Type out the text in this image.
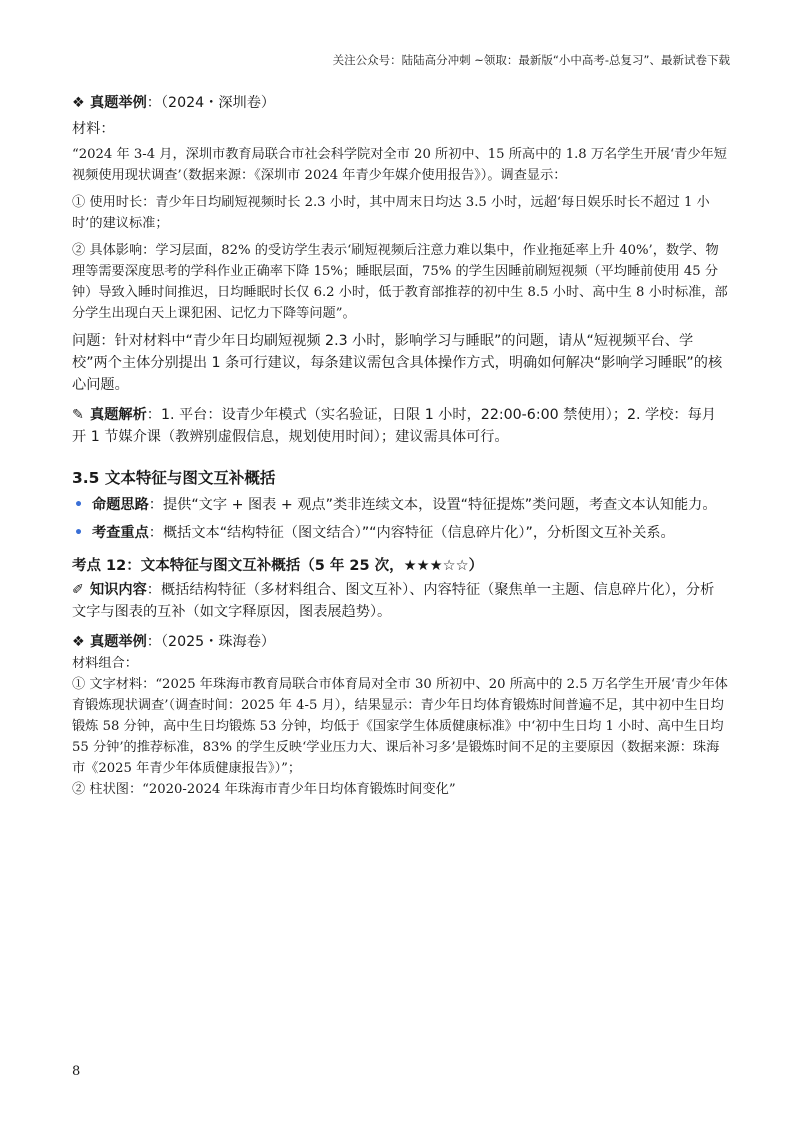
关注公众号：陆陆高分冲刺 ~领取：最新版“小中高考-总复习”、最新试卷下载

❖ 真题举例：（2024・深圳卷）

材料：

“2024 年 3-4 月，深圳市教育局联合市社会科学院对全市 20 所初中、15 所高中的 1.8 万名学生开展‘青少年短视频使用现状调查’（数据来源：《深圳市 2024 年青少年媒介使用报告》）。调查显示：

① 使用时长：青少年日均刷短视频时长 2.3 小时，其中周末日均达 3.5 小时，远超‘每日娱乐时长不超过 1 小时’的建议标准；

② 具体影响：学习层面，82% 的受访学生表示‘刷短视频后注意力难以集中，作业拖延率上升 40%’，数学、物理等需要深度思考的学科作业正确率下降 15%；睡眠层面，75% 的学生因睡前刷短视频（平均睡前使用 45 分钟）导致入睡时间推迟，日均睡眠时长仅 6.2 小时，低于教育部推荐的初中生 8.5 小时、高中生 8 小时标准，部分学生出现白天上课犯困、记忆力下降等问题”。

问题：针对材料中“青少年日均刷短视频 2.3 小时，影响学习与睡眠”的问题，请从“短视频平台、学校”两个主体分别提出 1 条可行建议，每条建议需包含具体操作方式，明确如何解决“影响学习睡眠”的核心问题。

✎ 真题解析：1. 平台：设青少年模式（实名验证，日限 1 小时，22:00-6:00 禁使用）；2. 学校：每月开 1 节媒介课（教辨别虚假信息，规划使用时间）；建议需具体可行。

3.5 文本特征与图文互补概括
• 命题思路：提供“文字 + 图表 + 观点”类非连续文本，设置“特征提炼”类问题，考查文本认知能力。
• 考查重点：概括文本“结构特征（图文结合）”“内容特征（信息碎片化）”，分析图文互补关系。
考点 12：文本特征与图文互补概括（5 年 25 次，★★★☆☆）

✐ 知识内容：概括结构特征（多材料组合、图文互补）、内容特征（聚焦单一主题、信息碎片化），分析文字与图表的互补（如文字释原因，图表展趋势）。

❖ 真题举例：（2025・珠海卷）

材料组合：

① 文字材料：“2025 年珠海市教育局联合市体育局对全市 30 所初中、20 所高中的 2.5 万名学生开展‘青少年体育锻炼现状调查’（调查时间：2025 年 4-5 月），结果显示：青少年日均体育锻炼时间普遍不足，其中初中生日均锻炼 58 分钟，高中生日均锻炼 53 分钟，均低于《国家学生体质健康标准》中‘初中生日均 1 小时、高中生日均 55 分钟’的推荐标准，83% 的学生反映‘学业压力大、课后补习多’是锻炼时间不足的主要原因（数据来源：珠海市《2025 年青少年体质健康报告》）”；

② 柱状图：“2020-2024 年珠海市青少年日均体育锻炼时间变化”

8
